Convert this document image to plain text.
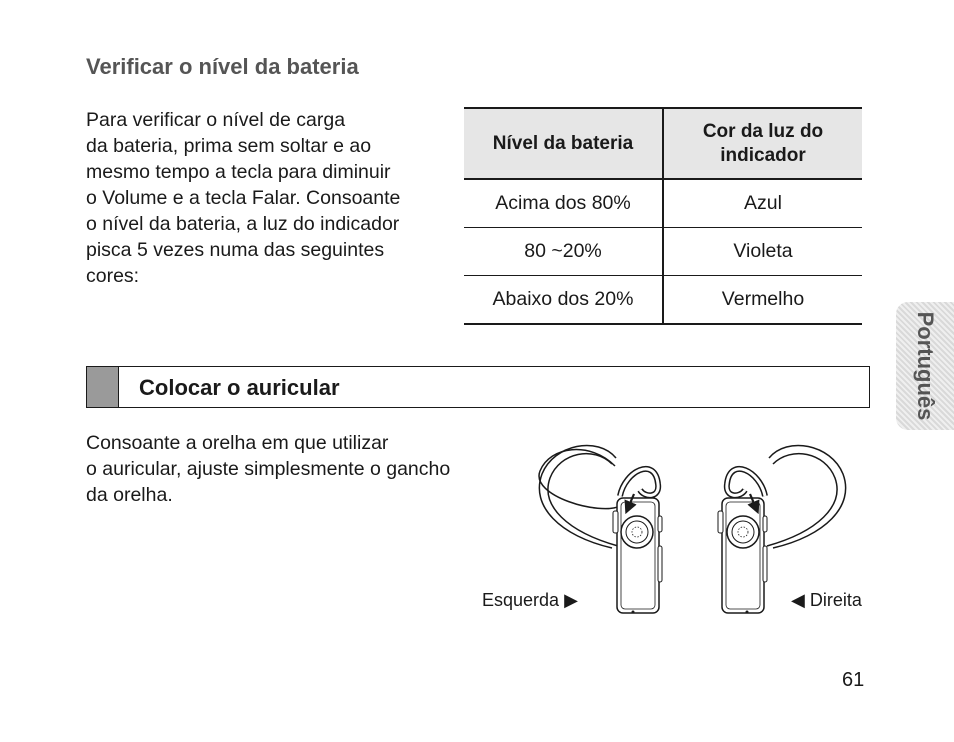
Verificar o nível da bateria

Para verificar o nível de carga
da bateria, prima sem soltar e ao
mesmo tempo a tecla para diminuir
o Volume e a tecla Falar. Consoante
o nível da bateria, a luz do indicador
pisca 5 vezes numa das seguintes
cores:

Nível da bateria	Cor da luz do indicador

Acima dos 80%	Azul
80 ~20%	Violeta
Abaixo dos 20%	Vermelho
Colocar o auricular

Consoante a orelha em que utilizar
o auricular, ajuste simplesmente o gancho
da orelha.

Português
Esquerda ▶	◀ Direita
61
